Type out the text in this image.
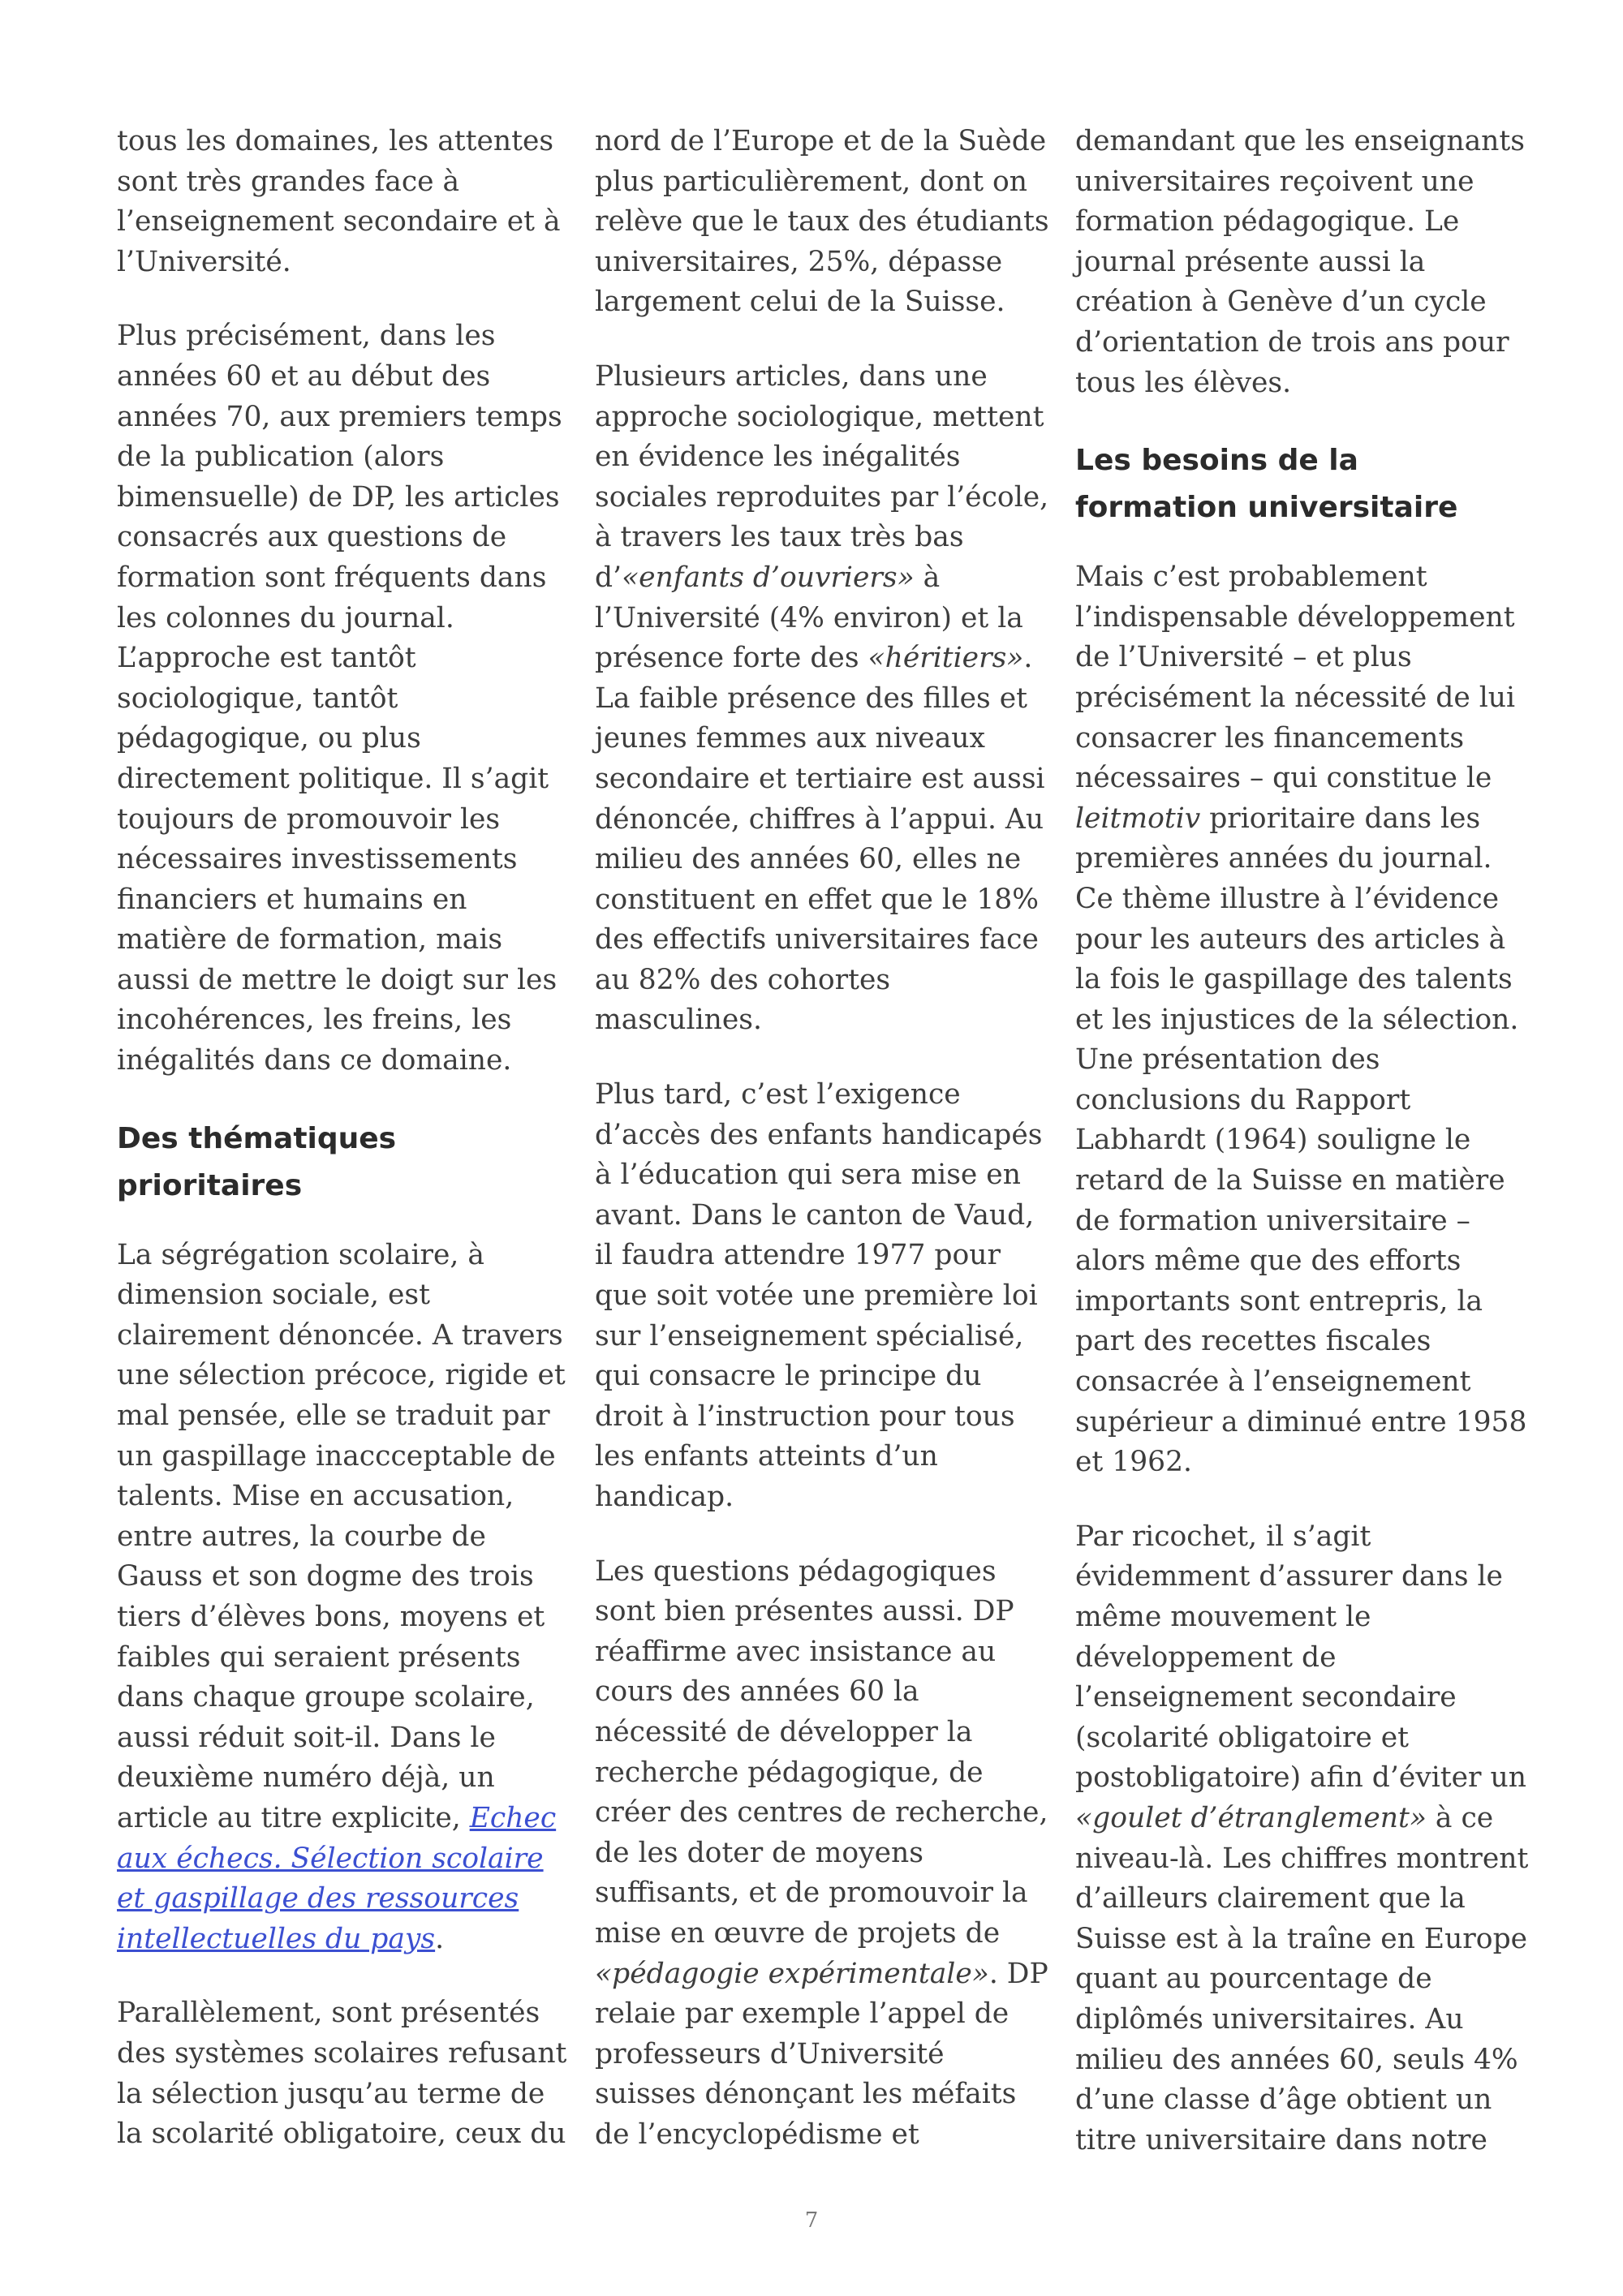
tous les domaines, les attentes sont très grandes face à l’enseignement secondaire et à l’Université.

Plus précisément, dans les années 60 et au début des années 70, aux premiers temps de la publication (alors bimensuelle) de DP, les articles consacrés aux questions de formation sont fréquents dans les colonnes du journal. L’approche est tantôt sociologique, tantôt pédagogique, ou plus directement politique. Il s’agit toujours de promouvoir les nécessaires investissements financiers et humains en matière de formation, mais aussi de mettre le doigt sur les incohérences, les freins, les inégalités dans ce domaine.

Des thématiques prioritaires

La ségrégation scolaire, à dimension sociale, est clairement dénoncée. A travers une sélection précoce, rigide et mal pensée, elle se traduit par un gaspillage inaccceptable de talents. Mise en accusation, entre autres, la courbe de Gauss et son dogme des trois tiers d’élèves bons, moyens et faibles qui seraient présents dans chaque groupe scolaire, aussi réduit soit-il. Dans le deuxième numéro déjà, un article au titre explicite, Echec aux échecs. Sélection scolaire et gaspillage des ressources intellectuelles du pays.

Parallèlement, sont présentés des systèmes scolaires refusant la sélection jusqu’au terme de la scolarité obligatoire, ceux du

nord de l’Europe et de la Suède plus particulièrement, dont on relève que le taux des étudiants universitaires, 25%, dépasse largement celui de la Suisse.

Plusieurs articles, dans une approche sociologique, mettent en évidence les inégalités sociales reproduites par l’école, à travers les taux très bas d’«enfants d’ouvriers» à l’Université (4% environ) et la présence forte des «héritiers». La faible présence des filles et jeunes femmes aux niveaux secondaire et tertiaire est aussi dénoncée, chiffres à l’appui. Au milieu des années 60, elles ne constituent en effet que le 18% des effectifs universitaires face au 82% des cohortes masculines.

Plus tard, c’est l’exigence d’accès des enfants handicapés à l’éducation qui sera mise en avant. Dans le canton de Vaud, il faudra attendre 1977 pour que soit votée une première loi sur l’enseignement spécialisé, qui consacre le principe du droit à l’instruction pour tous les enfants atteints d’un handicap.

Les questions pédagogiques sont bien présentes aussi. DP réaffirme avec insistance au cours des années 60 la nécessité de développer la recherche pédagogique, de créer des centres de recherche, de les doter de moyens suffisants, et de promouvoir la mise en œuvre de projets de «pédagogie expérimentale». DP relaie par exemple l’appel de professeurs d’Université suisses dénonçant les méfaits de l’encyclopédisme et

demandant que les enseignants universitaires reçoivent une formation pédagogique. Le journal présente aussi la création à Genève d’un cycle d’orientation de trois ans pour tous les élèves.

Les besoins de la formation universitaire

Mais c’est probablement l’indispensable développement de l’Université – et plus précisément la nécessité de lui consacrer les financements nécessaires – qui constitue le leitmotiv prioritaire dans les premières années du journal. Ce thème illustre à l’évidence pour les auteurs des articles à la fois le gaspillage des talents et les injustices de la sélection. Une présentation des conclusions du Rapport Labhardt (1964) souligne le retard de la Suisse en matière de formation universitaire – alors même que des efforts importants sont entrepris, la part des recettes fiscales consacrée à l’enseignement supérieur a diminué entre 1958 et 1962.

Par ricochet, il s’agit évidemment d’assurer dans le même mouvement le développement de l’enseignement secondaire (scolarité obligatoire et postobligatoire) afin d’éviter un «goulet d’étranglement» à ce niveau-là. Les chiffres montrent d’ailleurs clairement que la Suisse est à la traîne en Europe quant au pourcentage de diplômés universitaires. Au milieu des années 60, seuls 4% d’une classe d’âge obtient un titre universitaire dans notre

7
